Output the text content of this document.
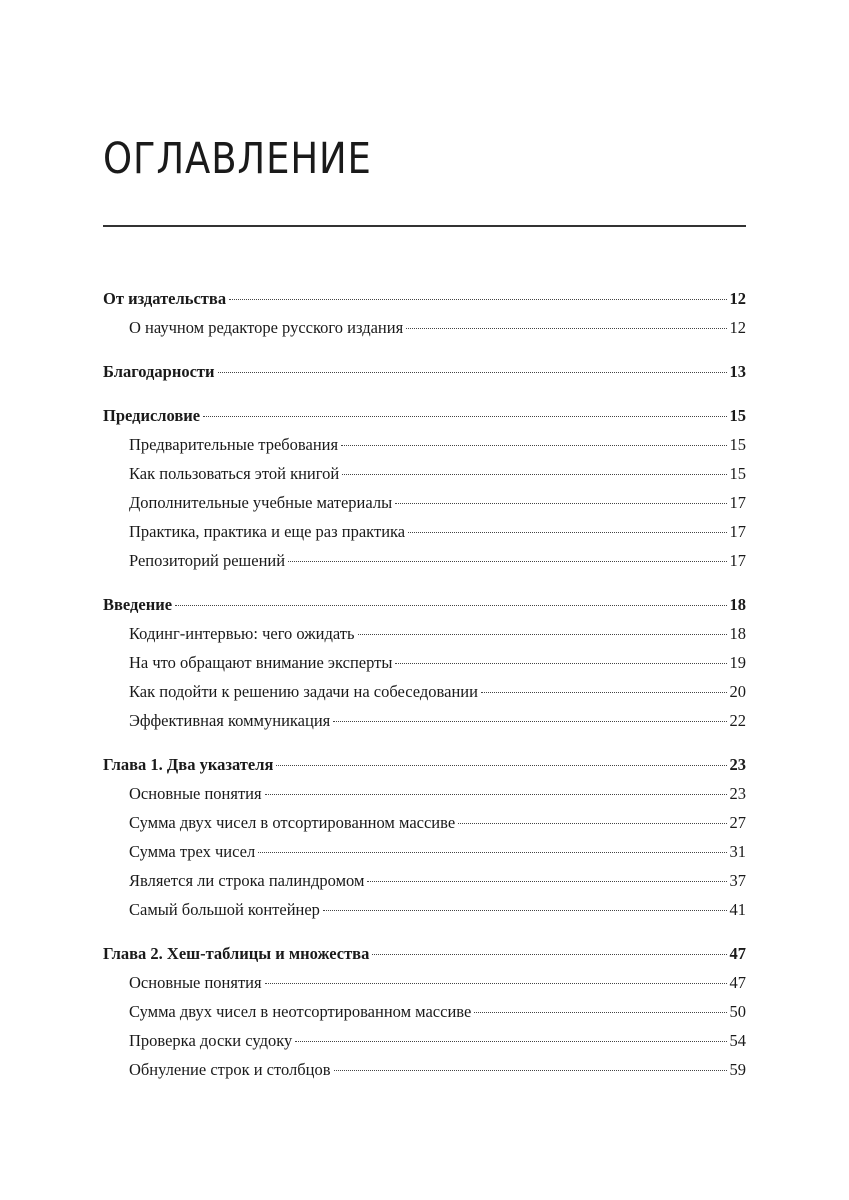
ОГЛАВЛЕНИЕ
От издательства	12
О научном редакторе русского издания	12
Благодарности	13
Предисловие	15
Предварительные требования	15
Как пользоваться этой книгой	15
Дополнительные учебные материалы	17
Практика, практика и еще раз практика	17
Репозиторий решений	17
Введение	18
Кодинг-интервью: чего ожидать	18
На что обращают внимание эксперты	19
Как подойти к решению задачи на собеседовании	20
Эффективная коммуникация	22
Глава 1. Два указателя	23
Основные понятия	23
Сумма двух чисел в отсортированном массиве	27
Сумма трех чисел	31
Является ли строка палиндромом	37
Самый большой контейнер	41
Глава 2. Хеш-таблицы и множества	47
Основные понятия	47
Сумма двух чисел в неотсортированном массиве	50
Проверка доски судоку	54
Обнуление строк и столбцов	59
